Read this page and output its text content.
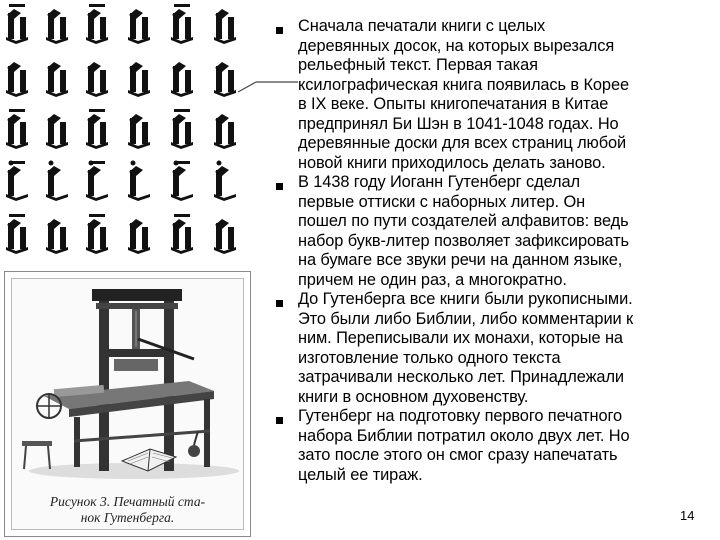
Рисунок 3. Печатный ста-
нок Гутенберга.
Сначала печатали книги с целых
деревянных досок, на которых вырезался
рельефный текст. Первая такая
ксилографическая книга появилась в Корее
в IX веке. Опыты книгопечатания в Китае
предпринял Би Шэн в 1041-1048 годах. Но
деревянные доски для всех страниц любой
новой книги приходилось делать заново.
В 1438 году Иоганн Гутенберг сделал
первые оттиски с наборных литер. Он
пошел по пути создателей алфавитов: ведь
набор букв-литер позволяет зафиксировать
на бумаге все звуки речи на данном языке,
причем не один раз, а многократно.
До Гутенберга все книги были рукописными.
Это были либо Библии, либо комментарии к
ним. Переписывали их монахи, которые на
изготовление только одного текста
затрачивали несколько лет. Принадлежали
книги в основном духовенству.
Гутенберг на подготовку первого печатного
набора Библии потратил около двух лет. Но
зато после этого он смог сразу напечатать
целый ее тираж.
14
